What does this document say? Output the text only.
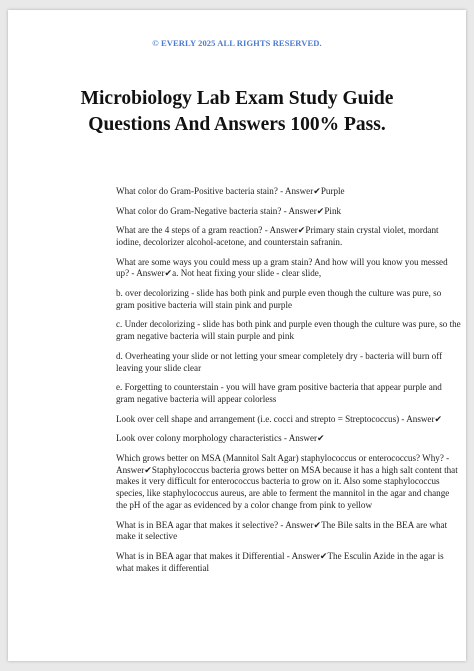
© EVERLY 2025 ALL RIGHTS RESERVED.
Microbiology Lab Exam Study Guide
Questions And Answers 100% Pass.

What color do Gram-Positive bacteria stain? - Answer✔Purple

What color do Gram-Negative bacteria stain? - Answer✔Pink

What are the 4 steps of a gram reaction? - Answer✔Primary stain crystal violet, mordant iodine, decolorizer alcohol-acetone, and counterstain safranin.

What are some ways you could mess up a gram stain? And how will you know you messed up? - Answer✔a. Not heat fixing your slide - clear slide,

b. over decolorizing - slide has both pink and purple even though the culture was pure, so gram positive bacteria will stain pink and purple

c. Under decolorizing - slide has both pink and purple even though the culture was pure, so the gram negative bacteria will stain purple and pink

d. Overheating your slide or not letting your smear completely dry - bacteria will burn off leaving your slide clear

e. Forgetting to counterstain - you will have gram positive bacteria that appear purple and gram negative bacteria will appear colorless

Look over cell shape and arrangement (i.e. cocci and strepto = Streptococcus) - Answer✔

Look over colony morphology characteristics - Answer✔

Which grows better on MSA (Mannitol Salt Agar) staphylococcus or enterococcus? Why? - Answer✔Staphylococcus bacteria grows better on MSA because it has a high salt content that makes it very difficult for enterococcus bacteria to grow on it. Also some staphylococcus species, like staphylococcus aureus, are able to ferment the mannitol in the agar and change the pH of the agar as evidenced by a color change from pink to yellow

What is in BEA agar that makes it selective? - Answer✔The Bile salts in the BEA are what make it selective

What is in BEA agar that makes it Differential - Answer✔The Esculin Azide in the agar is what makes it differential
